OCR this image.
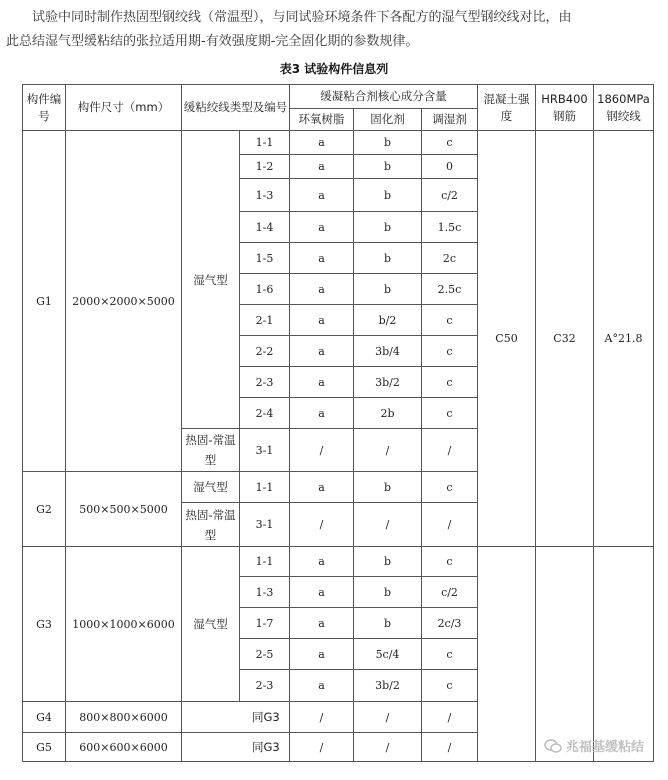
试验中同时制作热固型钢绞线（常温型），与同试验环境条件下各配方的湿气型钢绞线对比，由

此总结湿气型缓粘结的张拉适用期-有效强度期-完全固化期的参数规律。

表3 试验构件信息列
构件编号	构件尺寸（mm）	缓粘绞线类型及编号		缓凝粘合剂核心成分含量			混凝土强度	HRB400钢筋	1860MPa钢绞线
				环氧树脂	固化剂	调湿剂			
G1	2000×2000×5000	湿气型	1-1	a	b	c	C50	C32	A°21.8
			1-2	a	b	0			
			1-3	a	b	c/2			
			1-4	a	b	1.5c			
			1-5	a	b	2c			
			1-6	a	b	2.5c			
			2-1	a	b/2	c			
			2-2	a	3b/4	c			
			2-3	a	3b/2	c			
			2-4	a	2b	c			
		热固-常温型	3-1	/	/	/			
G2	500×500×5000	湿气型	1-1	a	b	c			
		热固-常温型	3-1	/	/	/			
G3	1000×1000×6000	湿气型	1-1	a	b	c			
			1-3	a	b	c/2			
			1-7	a	b	2c/3			
			2-5	a	5c/4	c			
			2-3	a	3b/2	c			
G4	800×800×6000	同G3		/	/	/			
G5	600×600×6000	同G3		/	/	/				兆福基缓粘结
